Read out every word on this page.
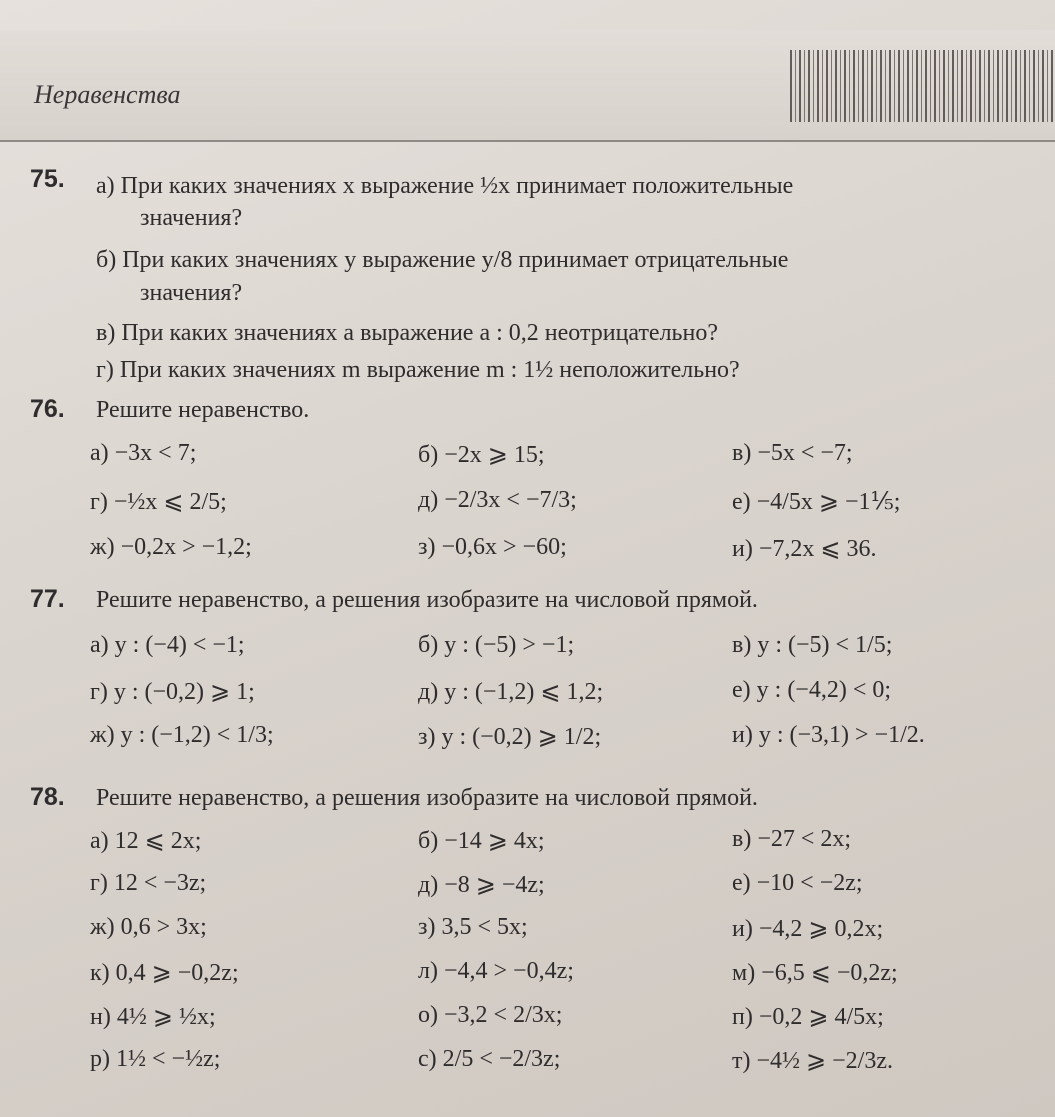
Неравенства
75. а) При каких значениях x выражение ½x принимает положительные
значения?
б) При каких значениях y выражение y/8 принимает отрицательные
значения?
в) При каких значениях a выражение a : 0,2 неотрицательно?
г) При каких значениях m выражение m : 1½ неположительно?
76. Решите неравенство.
а) −3x < 7;	б) −2x ⩾ 15;	в) −5x < −7;
г) −½x ⩽ 2/5;	д) −2/3x < −7/3;	е) −4/5x ⩾ −1⅕;
ж) −0,2x > −1,2;	з) −0,6x > −60;	и) −7,2x ⩽ 36.
77. Решите неравенство, а решения изобразите на числовой прямой.
а) y : (−4) < −1;	б) y : (−5) > −1;	в) y : (−5) < 1/5;
г) y : (−0,2) ⩾ 1;	д) y : (−1,2) ⩽ 1,2;	е) y : (−4,2) < 0;
ж) y : (−1,2) < 1/3;	з) y : (−0,2) ⩾ 1/2;	и) y : (−3,1) > −1/2.
78. Решите неравенство, а решения изобразите на числовой прямой.
а) 12 ⩽ 2x;	б) −14 ⩾ 4x;	в) −27 < 2x;
г) 12 < −3z;	д) −8 ⩾ −4z;	е) −10 < −2z;
ж) 0,6 > 3x;	з) 3,5 < 5x;	и) −4,2 ⩾ 0,2x;
к) 0,4 ⩾ −0,2z;	л) −4,4 > −0,4z;	м) −6,5 ⩽ −0,2z;
н) 4½ ⩾ ½x;	о) −3,2 < 2/3x;	п) −0,2 ⩾ 4/5x;
р) 1½ < −½z;	с) 2/5 < −2/3z;	т) −4½ ⩾ −2/3z.
